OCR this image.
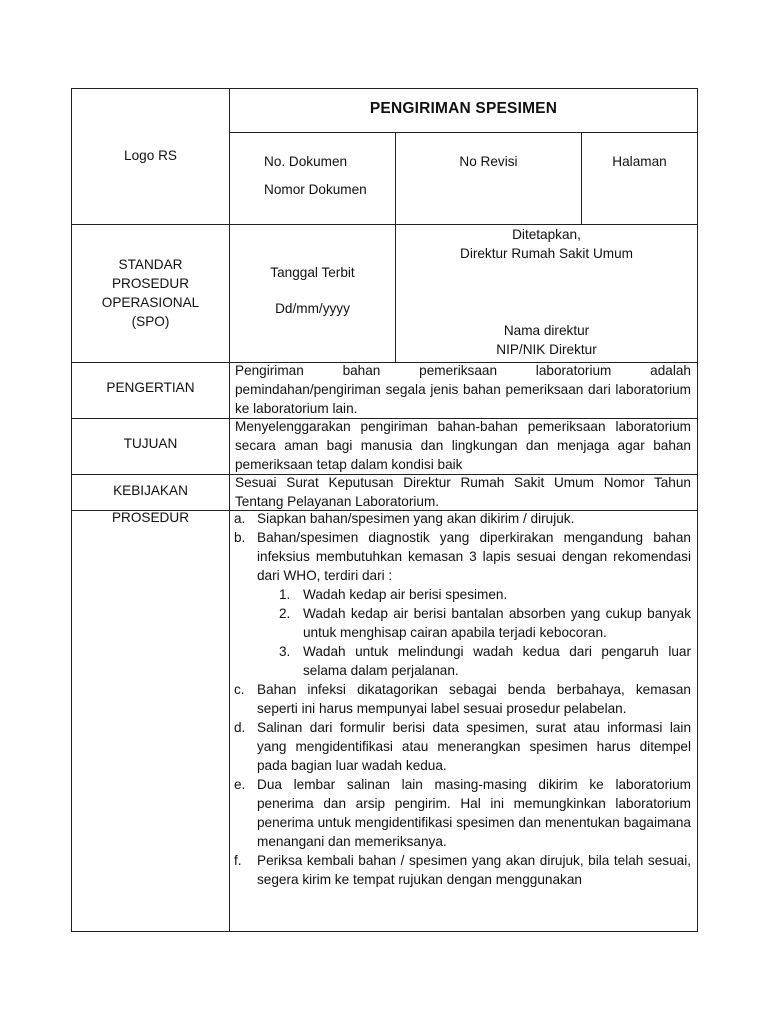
Logo RS
PENGIRIMAN SPESIMEN
No. Dokumen
Nomor Dokumen
No Revisi	Halaman
STANDAR
PROSEDUR
OPERASIONAL
(SPO)
Tanggal Terbit
Dd/mm/yyyy
Ditetapkan,
Direktur Rumah Sakit Umum
Nama direktur
NIP/NIK Direktur
PENGERTIAN
Pengiriman bahan pemeriksaan laboratorium adalah pemindahan/pengiriman segala jenis bahan pemeriksaan dari laboratorium ke laboratorium lain.
TUJUAN
Menyelenggarakan pengiriman bahan-bahan pemeriksaan laboratorium secara aman bagi manusia dan lingkungan dan menjaga agar bahan pemeriksaan tetap dalam kondisi baik
KEBIJAKAN
Sesuai Surat Keputusan Direktur Rumah Sakit Umum Nomor Tahun Tentang Pelayanan Laboratorium.
PROSEDUR	a. Siapkan bahan/spesimen yang akan dikirim / dirujuk.
b. Bahan/spesimen diagnostik yang diperkirakan mengandung bahan infeksius membutuhkan kemasan 3 lapis sesuai dengan rekomendasi dari WHO, terdiri dari :
1. Wadah kedap air berisi spesimen.
2. Wadah kedap air berisi bantalan absorben yang cukup banyak untuk menghisap cairan apabila terjadi kebocoran.
3. Wadah untuk melindungi wadah kedua dari pengaruh luar selama dalam perjalanan.
c. Bahan infeksi dikatagorikan sebagai benda berbahaya, kemasan seperti ini harus mempunyai label sesuai prosedur pelabelan.
d. Salinan dari formulir berisi data spesimen, surat atau informasi lain yang mengidentifikasi atau menerangkan spesimen harus ditempel pada bagian luar wadah kedua.
e. Dua lembar salinan lain masing-masing dikirim ke laboratorium penerima dan arsip pengirim. Hal ini memungkinkan laboratorium penerima untuk mengidentifikasi spesimen dan menentukan bagaimana menangani dan memeriksanya.
f. Periksa kembali bahan / spesimen yang akan dirujuk, bila telah sesuai, segera kirim ke tempat rujukan dengan menggunakan
